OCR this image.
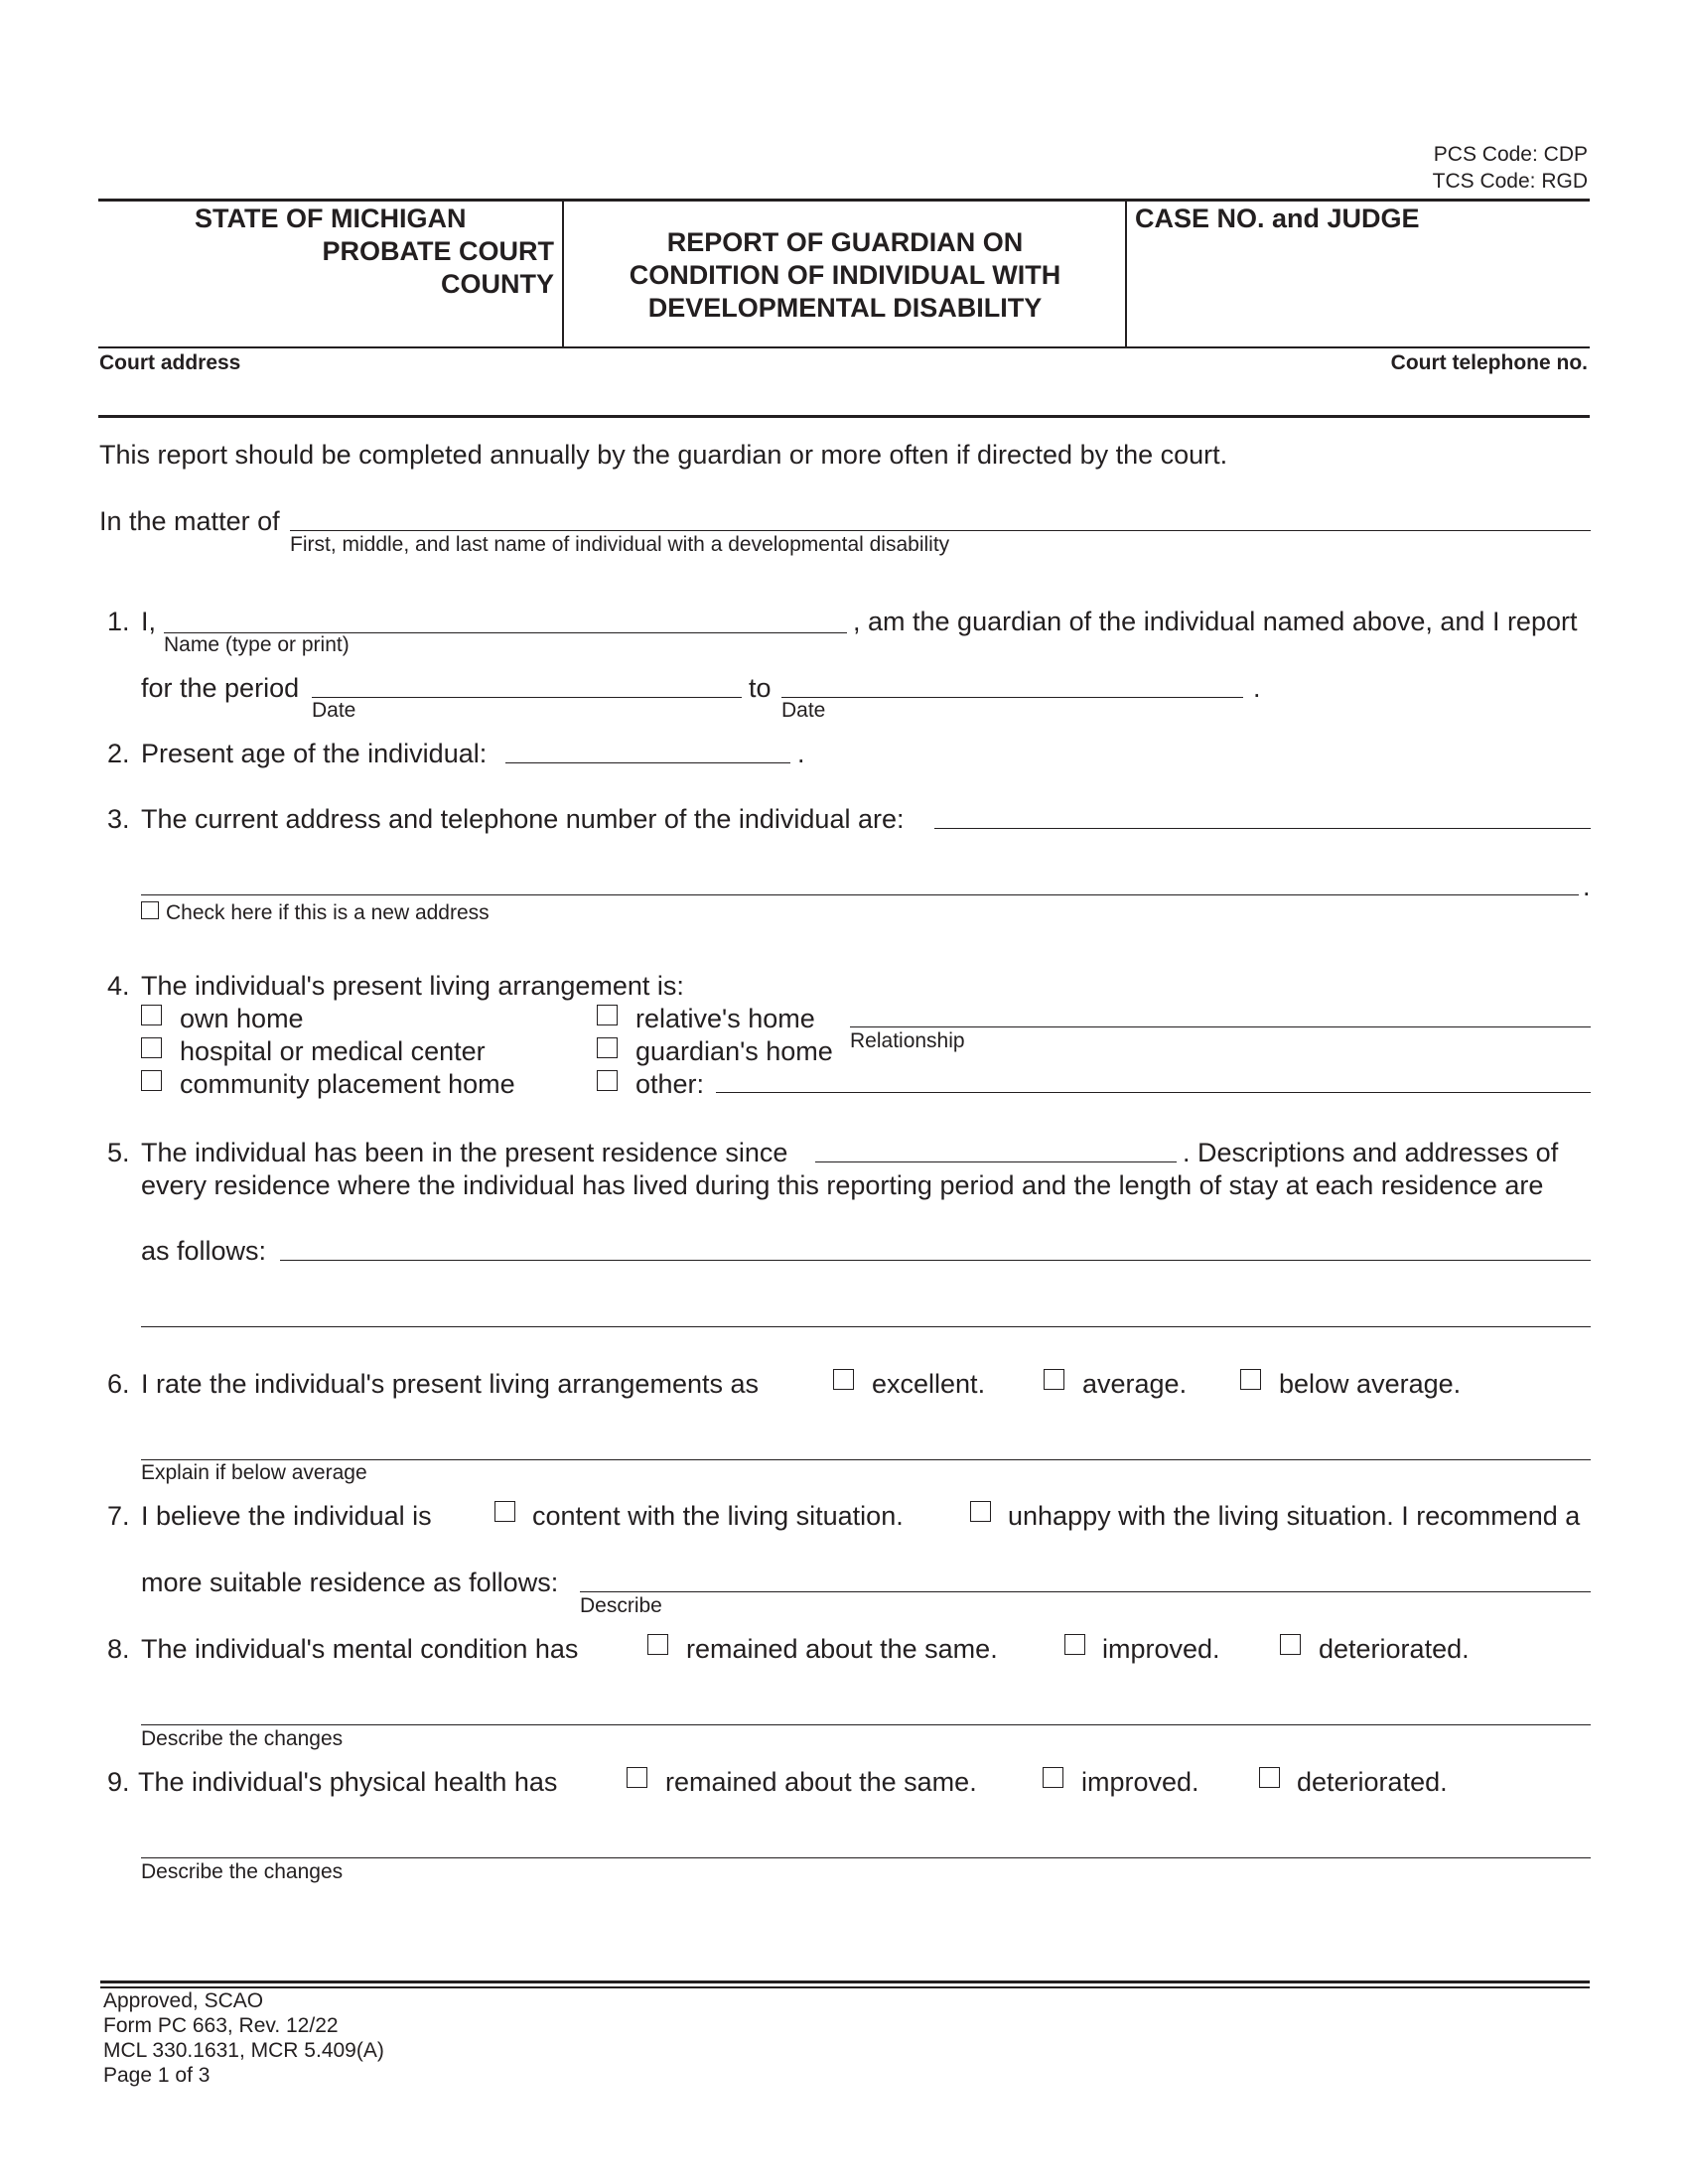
PCS Code: CDP
TCS Code: RGD
STATE OF MICHIGAN
PROBATE COURT
COUNTY
REPORT OF GUARDIAN ON
CONDITION OF INDIVIDUAL WITH
DEVELOPMENTAL DISABILITY
CASE NO. and JUDGE
Court address	Court telephone no.
This report should be completed annually by the guardian or more often if directed by the court.
In the matter of
First, middle, and last name of individual with a developmental disability
1. I,
Name (type or print)
, am the guardian of the individual named above, and I report
for the period
Date
to
Date
.
2. Present age of the individual:	.
3. The current address and telephone number of the individual are:
.
Check here if this is a new address
4. The individual's present living arrangement is:
own home
hospital or medical center
community placement home
relative's home
guardian's home
other:
Relationship
5. The individual has been in the present residence since	. Descriptions and addresses of
every residence where the individual has lived during this reporting period and the length of stay at each residence are
as follows:
6. I rate the individual's present living arrangements as	excellent.	average.	below average.
Explain if below average
7. I believe the individual is	content with the living situation.	unhappy with the living situation. I recommend a
more suitable residence as follows:
Describe
8. The individual's mental condition has	remained about the same.	improved.	deteriorated.
Describe the changes
9. The individual's physical health has	remained about the same.	improved.	deteriorated.
Describe the changes
Approved, SCAO
Form PC 663, Rev. 12/22
MCL 330.1631, MCR 5.409(A)
Page 1 of 3
